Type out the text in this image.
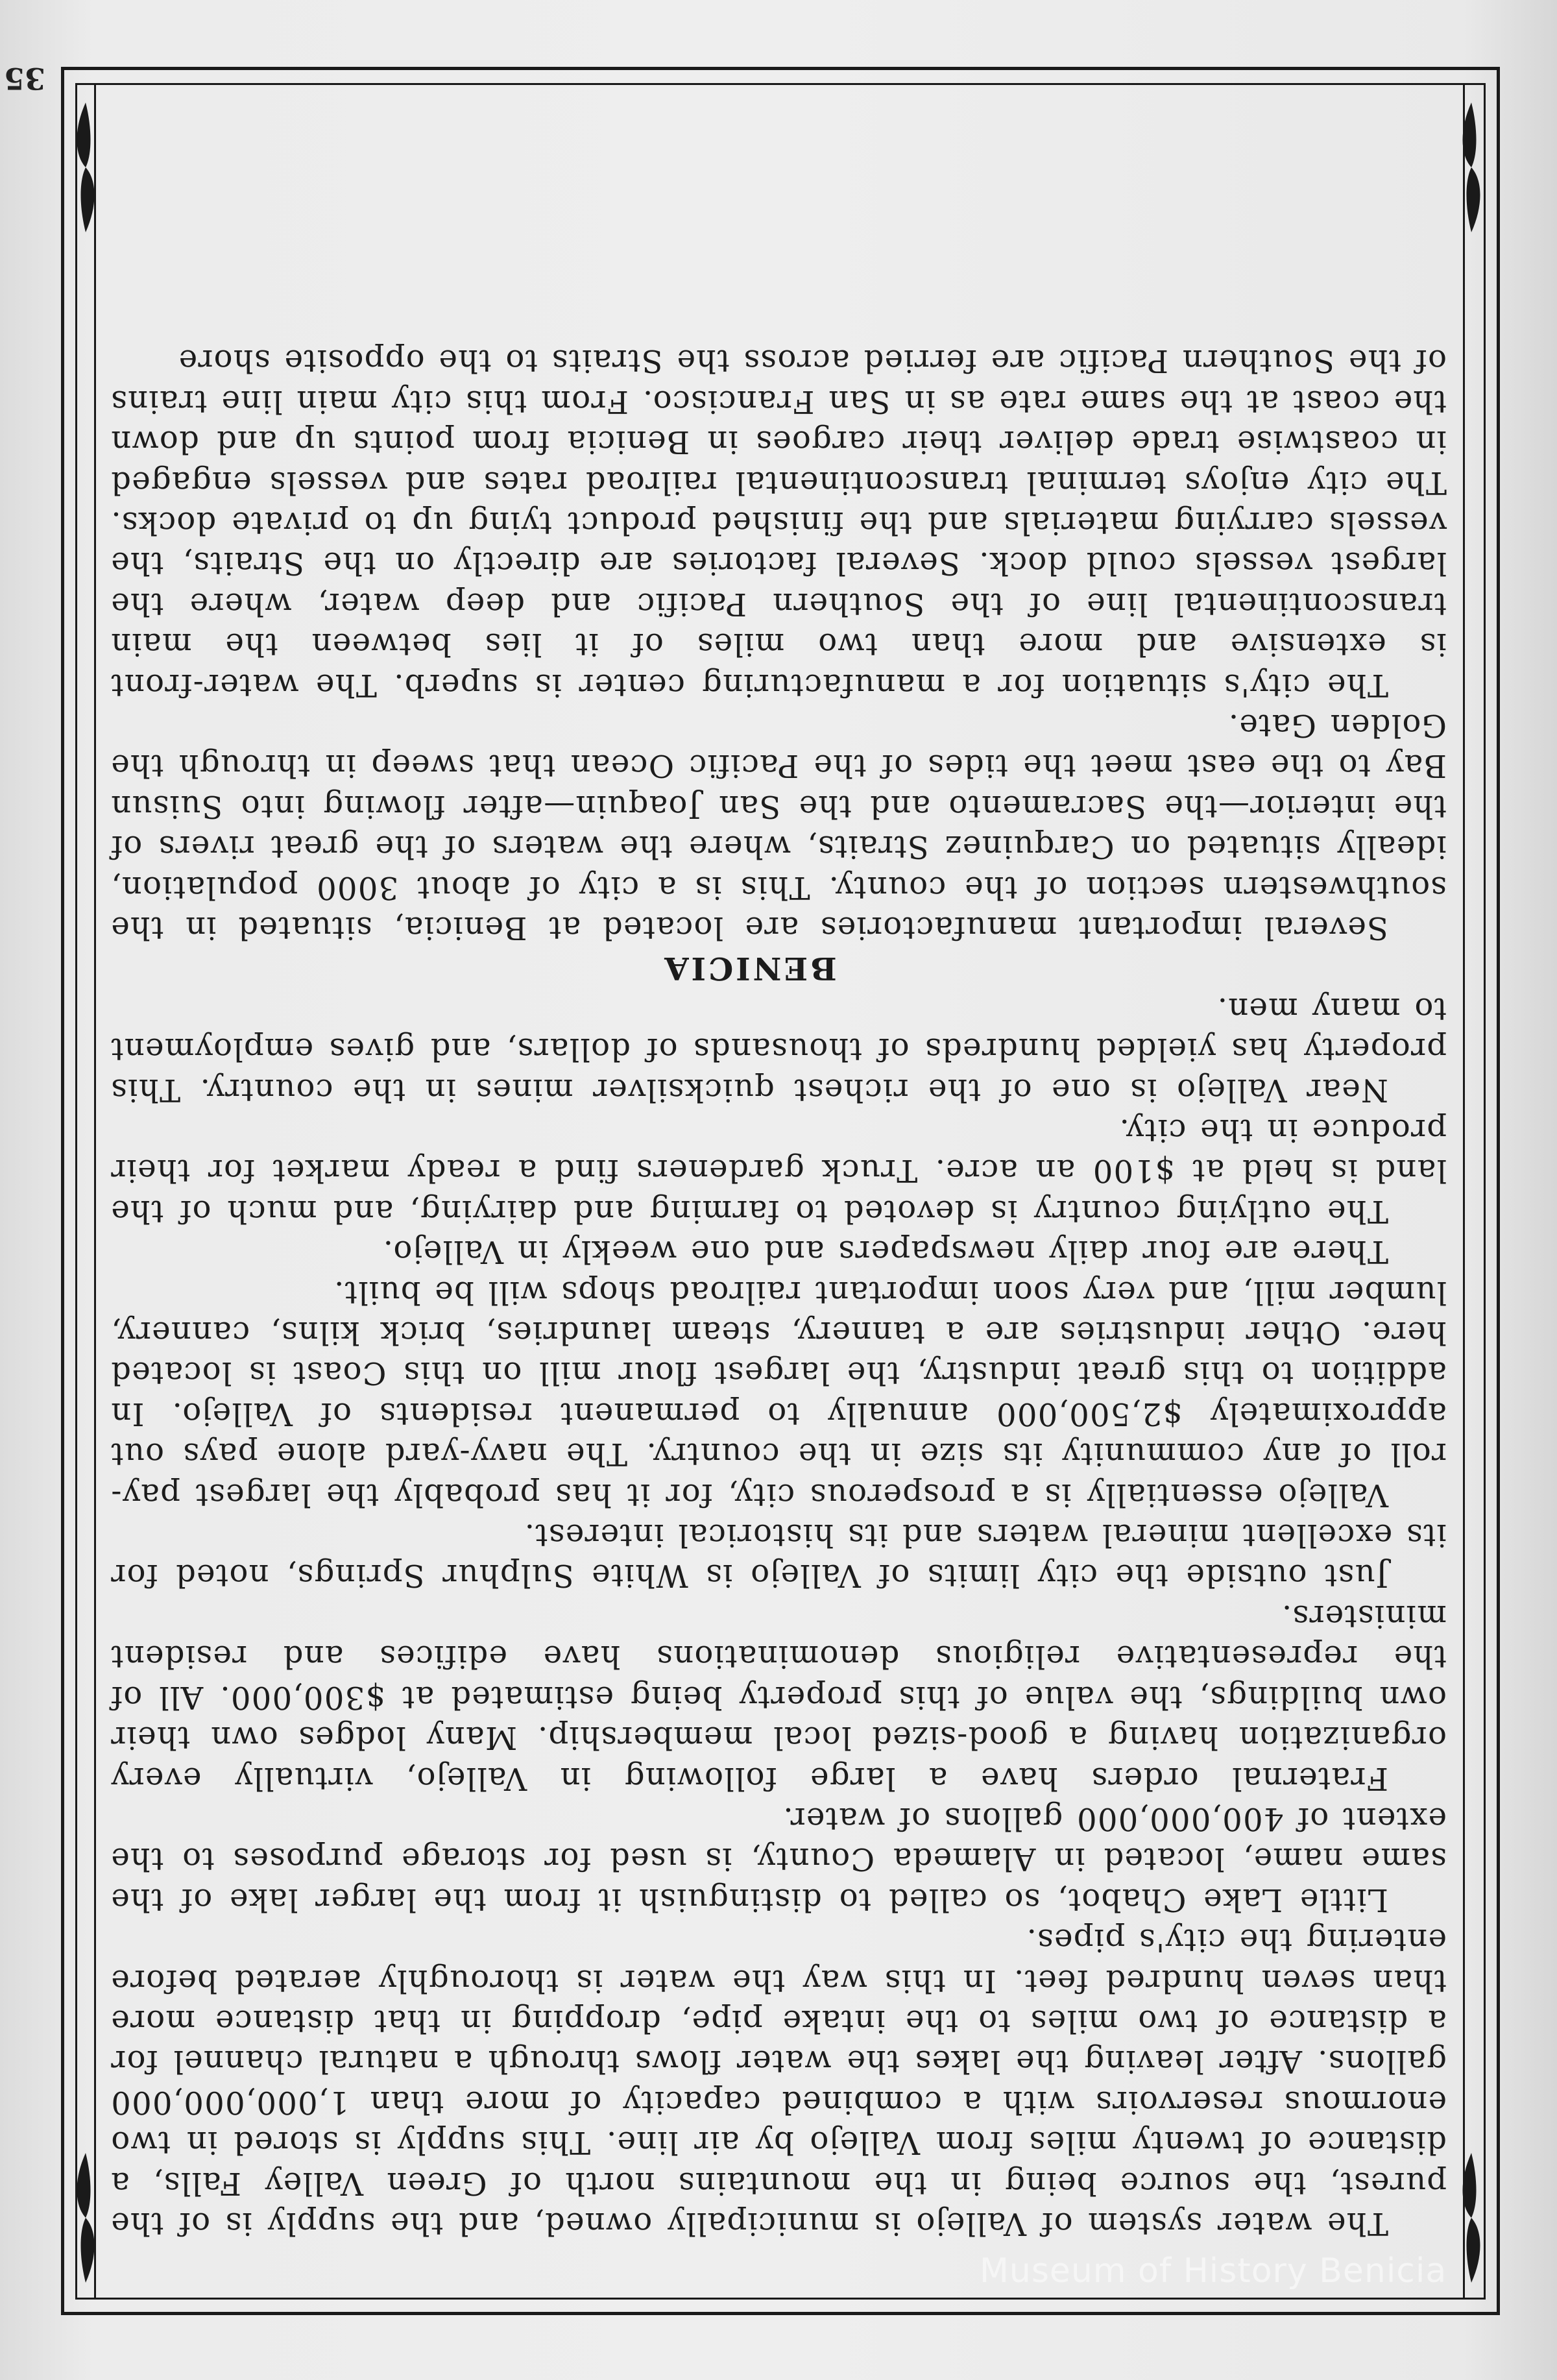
35

The water system of Vallejo is municipally owned, and the supply is of the purest, the source being in the mountains north of Green Valley Falls, a distance of twenty miles from Vallejo by air line. This supply is stored in two enormous reservoirs with a combined capacity of more than 1,000,000,000 gallons. After leaving the lakes the water flows through a natural channel for a distance of two miles to the intake pipe, dropping in that distance more than seven hundred feet. In this way the water is thoroughly aerated before entering the city's pipes.

Little Lake Chabot, so called to distinguish it from the larger lake of the same name, located in Alameda County, is used for storage purposes to the extent of 400,000,000 gallons of water.

Fraternal orders have a large following in Vallejo, virtually every organization having a good-sized local membership. Many lodges own their own buildings, the value of this property being estimated at $300,000. All of the representative religious denominations have edifices and resident ministers.

Just outside the city limits of Vallejo is White Sulphur Springs, noted for its excellent mineral waters and its historical interest.

Vallejo essentially is a prosperous city, for it has probably the largest pay-roll of any community its size in the country. The navy-yard alone pays out approximately $2,500,000 annually to permanent residents of Vallejo. In addition to this great industry, the largest flour mill on this Coast is located here. Other industries are a tannery, steam laundries, brick kilns, cannery, lumber mill, and very soon important railroad shops will be built.

There are four daily newspapers and one weekly in Vallejo.

The outlying country is devoted to farming and dairying, and much of the land is held at $100 an acre. Truck gardeners find a ready market for their produce in the city.

Near Vallejo is one of the richest quicksilver mines in the country. This property has yielded hundreds of thousands of dollars, and gives employment to many men.

BENICIA

Several important manufactories are located at Benicia, situated in the southwestern section of the county. This is a city of about 3000 population, ideally situated on Carquinez Straits, where the waters of the great rivers of the interior—the Sacramento and the San Joaquin—after flowing into Suisun Bay to the east meet the tides of the Pacific Ocean that sweep in through the Golden Gate.

The city's situation for a manufacturing center is superb. The water-front is extensive and more than two miles of it lies between the main transcontinental line of the Southern Pacific and deep water, where the largest vessels could dock. Several factories are directly on the Straits, the vessels carrying materials and the finished product tying up to private docks. The city enjoys terminal transcontinental railroad rates and vessels engaged in coastwise trade deliver their cargoes in Benicia from points up and down the coast at the same rate as in San Francisco. From this city main line trains of the Southern Pacific are ferried across the Straits to the opposite shore

Museum of History Benicia
